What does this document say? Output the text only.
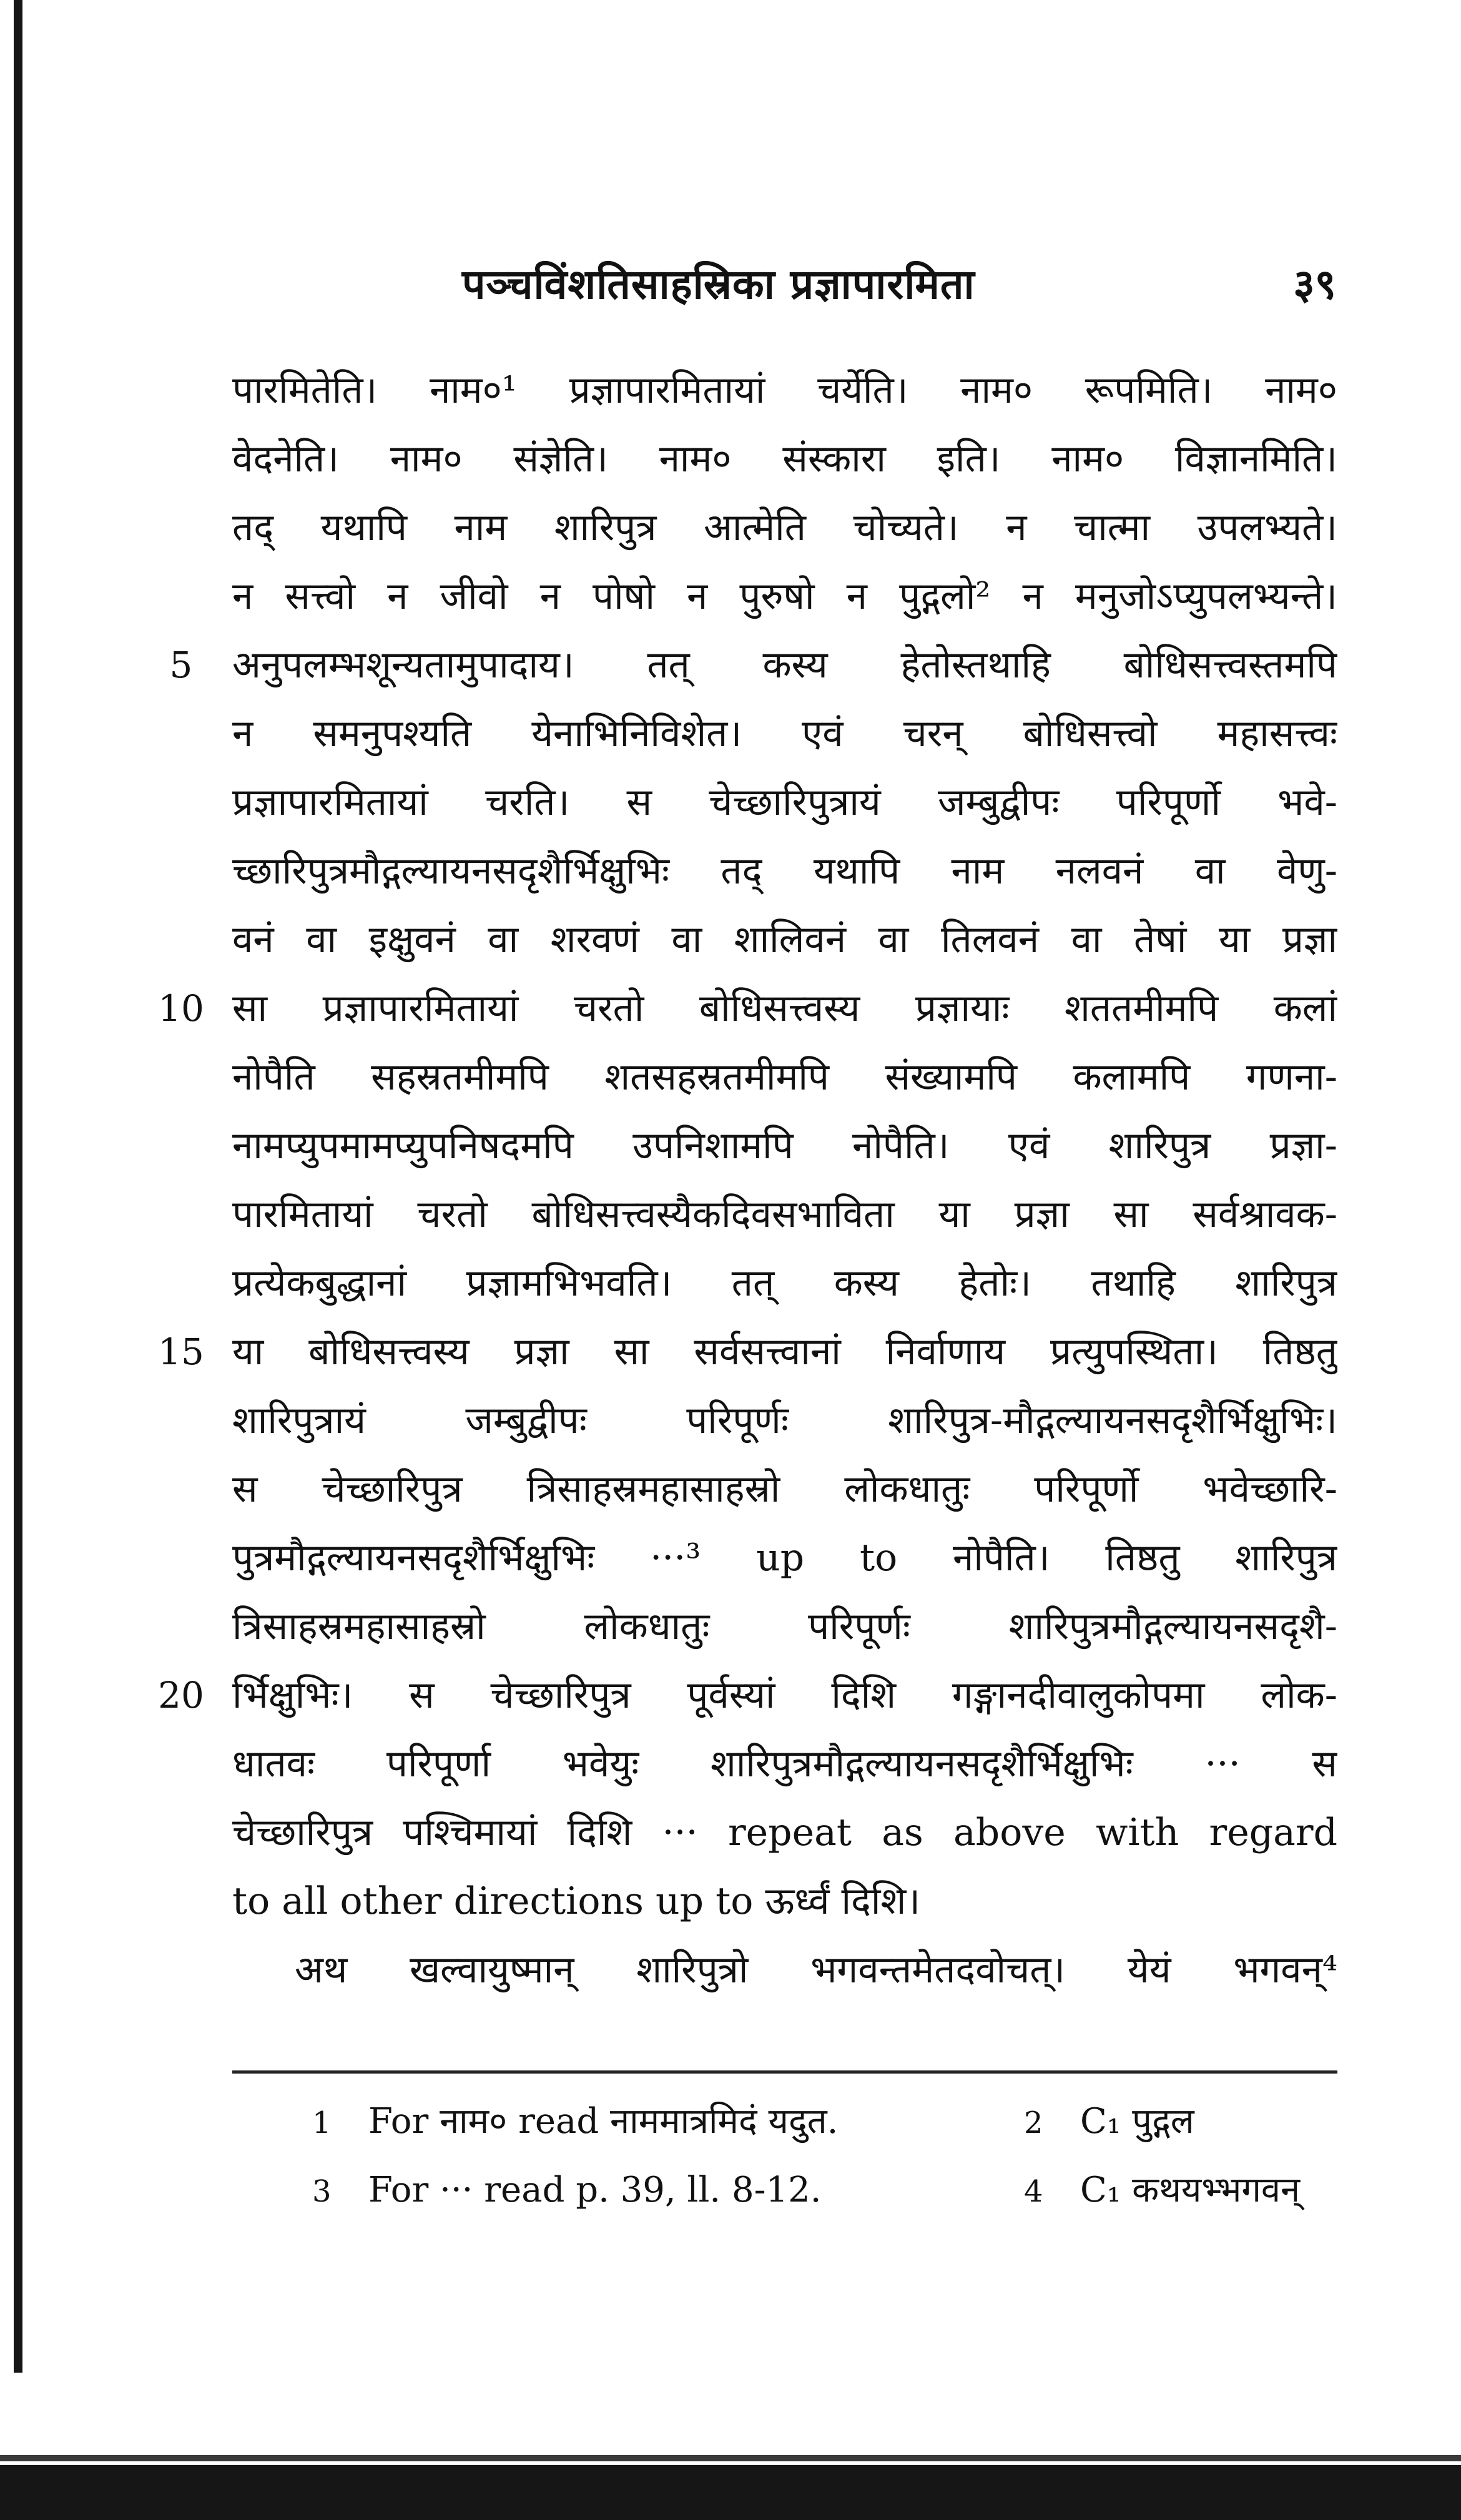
पञ्चविंशतिसाहस्रिका प्रज्ञापारमिता	३९
पारमितेति। नाम०¹ प्रज्ञापारमितायां चर्येति। नाम० रूपमिति। नाम०
वेदनेति। नाम० संज्ञेति। नाम० संस्कारा इति। नाम० विज्ञानमिति।
तद् यथापि नाम शारिपुत्र आत्मेति चोच्यते। न चात्मा उपलभ्यते।
न सत्त्वो न जीवो न पोषो न पुरुषो न पुद्गलो² न मनुजोऽप्युपलभ्यन्ते।
अनुपलम्भशून्यतामुपादाय। तत् कस्य हेतोस्तथाहि बोधिसत्त्वस्तमपि
न समनुपश्यति येनाभिनिविशेत। एवं चरन् बोधिसत्त्वो महासत्त्वः
प्रज्ञापारमितायां चरति। स चेच्छारिपुत्रायं जम्बुद्वीपः परिपूर्णो भवे-
च्छारिपुत्रमौद्गल्यायनसदृशैर्भिक्षुभिः तद् यथापि नाम नलवनं वा वेणु-
वनं वा इक्षुवनं वा शरवणं वा शालिवनं वा तिलवनं वा तेषां या प्रज्ञा
सा प्रज्ञापारमितायां चरतो बोधिसत्त्वस्य प्रज्ञायाः शततमीमपि कलां
नोपैति सहस्रतमीमपि शतसहस्रतमीमपि संख्यामपि कलामपि गणना-
नामप्युपमामप्युपनिषदमपि उपनिशामपि नोपैति। एवं शारिपुत्र प्रज्ञा-
पारमितायां चरतो बोधिसत्त्वस्यैकदिवसभाविता या प्रज्ञा सा सर्वश्रावक-
प्रत्येकबुद्धानां प्रज्ञामभिभवति। तत् कस्य हेतोः। तथाहि शारिपुत्र
या बोधिसत्त्वस्य प्रज्ञा सा सर्वसत्त्वानां निर्वाणाय प्रत्युपस्थिता। तिष्ठतु
शारिपुत्रायं जम्बुद्वीपः परिपूर्णः शारिपुत्र-मौद्गल्यायनसदृशैर्भिक्षुभिः।
स चेच्छारिपुत्र त्रिसाहस्रमहासाहस्रो लोकधातुः परिपूर्णो भवेच्छारि-
पुत्रमौद्गल्यायनसदृशैर्भिक्षुभिः ···³ up to नोपैति। तिष्ठतु शारिपुत्र
त्रिसाहस्रमहासाहस्रो लोकधातुः परिपूर्णः शारिपुत्रमौद्गल्यायनसदृशै-
र्भिक्षुभिः। स चेच्छारिपुत्र पूर्वस्यां दिशि गङ्गानदीवालुकोपमा लोक-
धातवः परिपूर्णा भवेयुः शारिपुत्रमौद्गल्यायनसदृशैर्भिक्षुभिः ··· स
चेच्छारिपुत्र पश्चिमायां दिशि ··· repeat as above with regard
to all other directions up to ऊर्ध्वं दिशि।
अथ खल्वायुष्मान् शारिपुत्रो भगवन्तमेतदवोचत्। येयं भगवन्⁴
5
10
15
20
1 For नाम० read नाममात्रमिदं यदुत.	2 C₁ पुद्गल
3 For ··· read p. 39, ll. 8-12.	4 C₁ कथयभ्भगवन्
